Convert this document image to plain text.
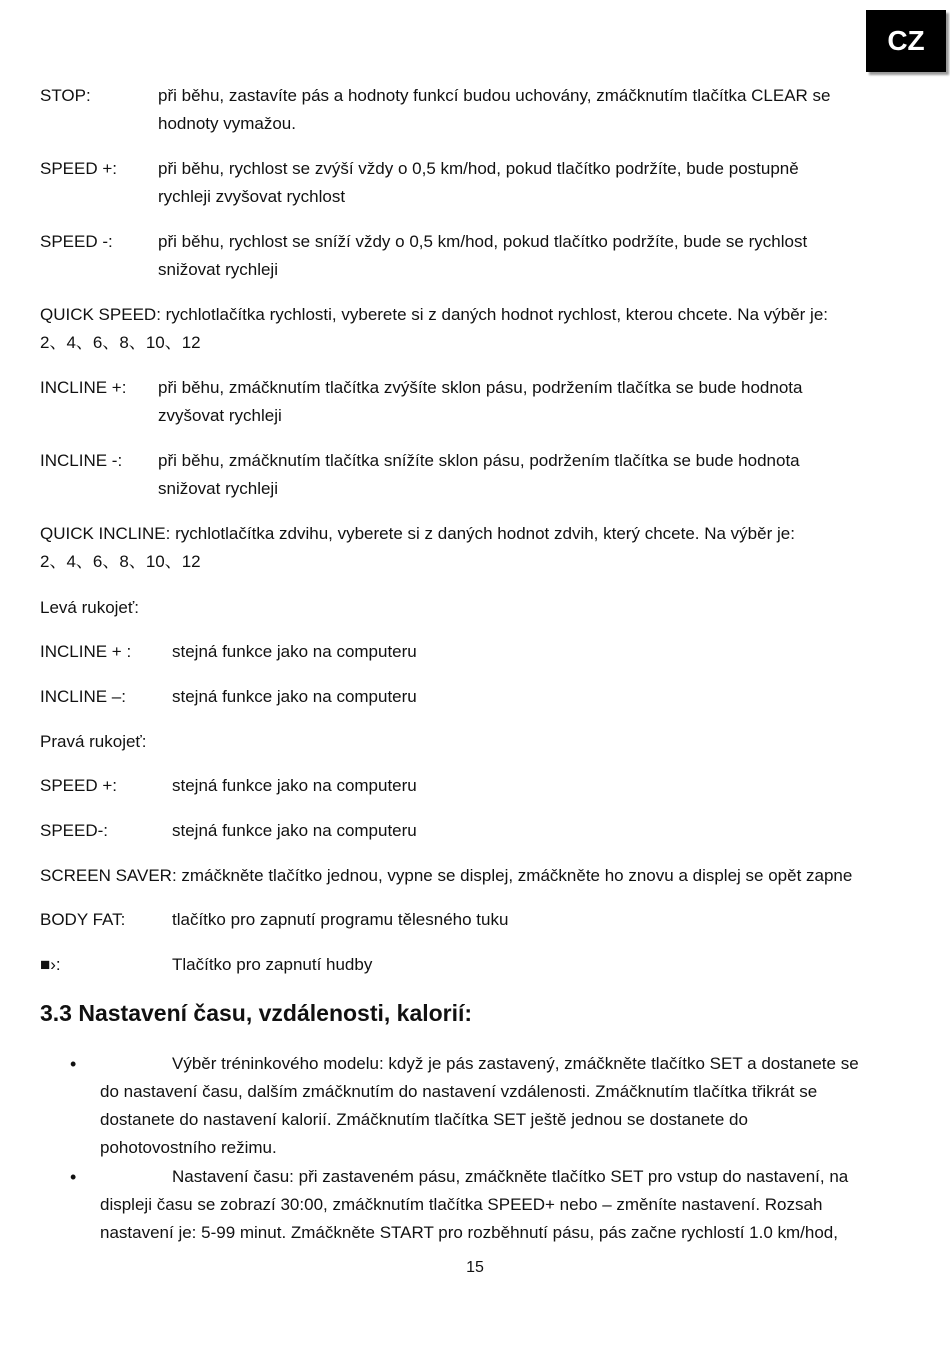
CZ
STOP:	při běhu, zastavíte pás a hodnoty funkcí budou uchovány, zmáčknutím tlačítka CLEAR se
hodnoty vymažou.
SPEED +: při běhu, rychlost se zvýší vždy o 0,5 km/hod, pokud tlačítko podržíte, bude postupně
rychleji zvyšovat rychlost
SPEED -:	při běhu, rychlost se sníží vždy o 0,5 km/hod, pokud tlačítko podržíte, bude se rychlost
snižovat rychleji
QUICK SPEED: rychlotlačítka rychlosti, vyberete si z daných hodnot rychlost, kterou chcete. Na výběr je:
2、4、6、8、10、12
INCLINE +: při běhu, zmáčknutím tlačítka zvýšíte sklon pásu, podržením tlačítka se bude hodnota
zvyšovat rychleji
INCLINE -: při běhu, zmáčknutím tlačítka snížíte sklon pásu, podržením tlačítka se bude hodnota
snižovat rychleji
QUICK INCLINE: rychlotlačítka zdvihu, vyberete si z daných hodnot zdvih, který chcete. Na výběr je:
2、4、6、8、10、12
Levá rukojeť:
INCLINE + : stejná funkce jako na computeru
INCLINE –:	stejná funkce jako na computeru
Pravá rukojeť:
SPEED +:	stejná funkce jako na computeru
SPEED-:	stejná funkce jako na computeru
SCREEN SAVER: zmáčkněte tlačítko jednou, vypne se displej, zmáčkněte ho znovu a displej se opět zapne
BODY FAT:	tlačítko pro zapnutí programu tělesného tuku
■›:	Tlačítko pro zapnutí hudby
3.3 Nastavení času, vzdálenosti, kalorií:
•	Výběr tréninkového modelu: když je pás zastavený, zmáčkněte tlačítko SET a dostanete se
do nastavení času, dalším zmáčknutím do nastavení vzdálenosti. Zmáčknutím tlačítka třikrát se
dostanete do nastavení kalorií. Zmáčknutím tlačítka SET ještě jednou se dostanete do
pohotovostního režimu.
•	Nastavení času: při zastaveném pásu, zmáčkněte tlačítko SET pro vstup do nastavení, na
displeji času se zobrazí 30:00, zmáčknutím tlačítka SPEED+ nebo – změníte nastavení. Rozsah
nastavení je: 5-99 minut. Zmáčkněte START pro rozběhnutí pásu, pás začne rychlostí 1.0 km/hod,
15
